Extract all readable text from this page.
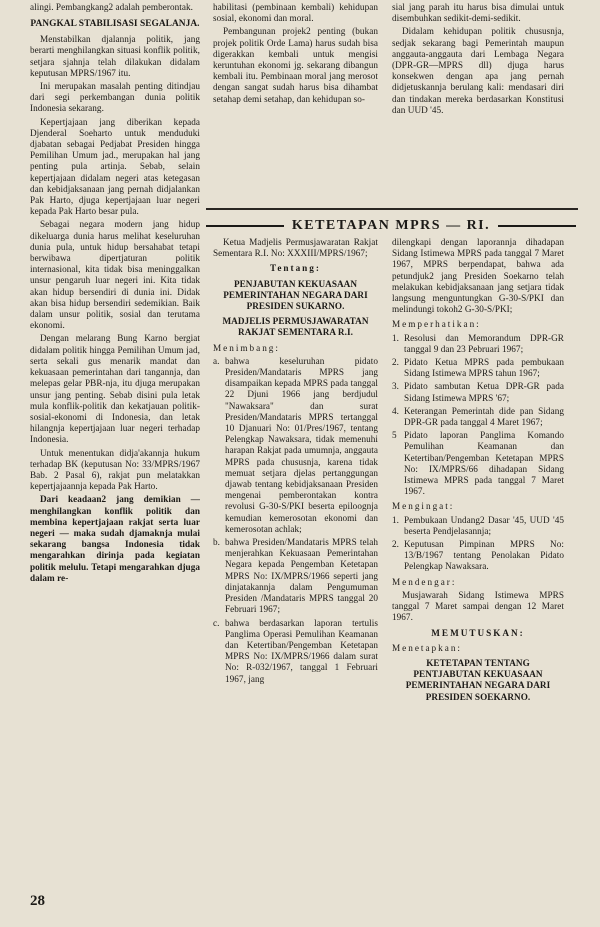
alingi. Pembangkang2 adalah pemberontak.

PANGKAL STABILISASI SEGALANJA.

Menstabilkan djalannja politik, jang berarti menghilangkan situasi konflik politik, setjara sjahnja telah dilakukan didalam keputusan MPRS/1967 itu.

Ini merupakan masalah penting ditindjau dari segi perkembangan dunia politik Indonesia sekarang.

Kepertjajaan jang diberikan kepada Djenderal Soeharto untuk menduduki djabatan sebagai Pedjabat Presiden hingga Pemilihan Umum jad., merupakan hal jang penting pula artinja. Sebab, selain kepertjajaan didalam negeri atas ketegasan dan kebidjaksanaan jang pernah didjalankan Pak Harto, djuga kepertjajaan luar negeri kepada Pak Harto besar pula.

Sebagai negara modern jang hidup dikeluarga dunia harus melihat keseluruhan dunia pula, untuk hidup bersahabat tetapi berwibawa dipertjaturan politik internasional, kita tidak bisa meninggalkan unsur pengaruh luar negeri ini. Kita tidak akan hidup bersendiri di dunia ini. Didak akan bisa hidup bersendiri sedemikian. Baik dalam unsur politik, sosial dan terutama ekonomi.

Dengan melarang Bung Karno bergiat didalam politik hingga Pemilihan Umum jad, serta sekali gus menarik mandat dan kekuasaan pemerintahan dari tangannja, dan melepas gelar PBR-nja, itu djuga merupakan unsur jang penting. Sebab disini pula letak mula konflik-politik dan kekatjauan politik-sosial-ekonomi di Indonesia, dan letak hilangnja kepertjajaan luar negeri terhadap Indonesia.

Untuk menentukan didja'akannja hukum terhadap BK (keputusan No: 33/MPRS/1967 Bab. 2 Pasal 6), rakjat pun melatakkan kepertjajaannja kepada Pak Harto.

Dari keadaan2 jang demikian — menghilangkan konflik politik dan membina kepertjajaan rakjat serta luar negeri — maka sudah djamaknja mulai sekarang bangsa Indonesia tidak mengarahkan dirinja pada kegiatan politik melulu. Tetapi mengarahkan djuga dalam re-

habilitasi (pembinaan kembali) kehidupan sosial, ekonomi dan moral.

Pembangunan projek2 penting (bukan projek politik Orde Lama) harus sudah bisa digerakkan kembali untuk mengisi keruntuhan ekonomi jg. sekarang dibangun kembali itu. Pembinaan moral jang merosot dengan sangat sudah harus bisa dihambat setahap demi setahap, dan kehidupan so-

sial jang parah itu harus bisa dimulai untuk disembuhkan sedikit-demi-sedikit.

Didalam kehidupan politik chususnja, sedjak sekarang bagi Pemerintah maupun anggauta-anggauta dari Lembaga Negara (DPR-GR—MPRS dll) djuga harus konsekwen dengan apa jang pernah didjetuskannja berulang kali: mendasari diri dan tindakan mereka berdasarkan Konstitusi dan UUD '45.

KETETAPAN MPRS — RI.

Ketua Madjelis Permusjawaratan Rakjat Sementara R.I. No: XXXIII/MPRS/1967;

Tentang:
PENJABUTAN KEKUASAAN PEMERINTAHAN NEGARA DARI PRESIDEN SUKARNO.
MADJELIS PERMUSJAWARATAN RAKJAT SEMENTARA R.I.
Menimbang:
a. bahwa keseluruhan pidato Presiden/Mandataris MPRS jang disampaikan kepada MPRS pada tanggal 22 Djuni 1966 jang berdjudul "Nawaksara" dan surat Presiden/Mandataris MPRS tertanggal 10 Djanuari No: 01/Pres/1967, tentang Pelengkap Nawaksara, tidak memenuhi harapan Rakjat pada umumnja, anggauta MPRS pada chususnja, karena tidak memuat setjara djelas pertanggungan djawab tentang kebidjaksanaan Presiden mengenai pemberontakan kontra revolusi G-30-S/PKI beserta epiloognja kemudian kemerosotan ekonomi dan kemerosotan achlak;
b. bahwa Presiden/Mandataris MPRS telah menjerahkan Kekuasaan Pemerintahan Negara kepada Pengemban Ketetapan MPRS No: IX/MPRS/1966 seperti jang dinjatakannja dalam Pengumuman Presiden /Mandataris MPRS tanggal 20 Februari 1967;
c. bahwa berdasarkan laporan tertulis Panglima Operasi Pemulihan Keamanan dan Ketertiban/Pengemban Ketetapan MPRS No: IX/MPRS/1966 dalam surat No: R-032/1967, tanggal 1 Februari 1967, jang

dilengkapi dengan laporannja dihadapan Sidang Istimewa MPRS pada tanggal 7 Maret 1967, MPRS berpendapat, bahwa ada petundjuk2 jang Presiden Soekarno telah melakukan kebidjaksanaan jang setjara tidak langsung menguntungkan G-30-S/PKI dan melindungi tokoh2 G-30-S/PKI;

Memperhatikan:
1. Resolusi dan Memorandum DPR-GR tanggal 9 dan 23 Pebruari 1967;
2. Pidato Ketua MPRS pada pembukaan Sidang Istimewa MPRS tahun 1967;
3. Pidato sambutan Ketua DPR-GR pada Sidang Istimewa MPRS '67;
4. Keterangan Pemerintah dide pan Sidang DPR-GR pada tanggal 4 Maret 1967;
5 Pidato laporan Panglima Komando Pemulihan Keamanan dan Ketertiban/Pengemban Ketetapan MPRS No: IX/MPRS/66 dihadapan Sidang Istimewa MPRS pada tanggal 7 Maret 1967.
Mengingat:
1. Pembukaan Undang2 Dasar '45, UUD '45 beserta Pendjelasannja;
2. Keputusan Pimpinan MPRS No: 13/B/1967 tentang Penolakan Pidato Pelengkap Nawaksara.
Mendengar:

Musjawarah Sidang Istimewa MPRS tanggal 7 Maret sampai dengan 12 Maret 1967.

MEMUTUSKAN:
Menetapkan:
KETETAPAN TENTANG PENTJABUTAN KEKUASAAN PEMERINTAHAN NEGARA DARI PRESIDEN SOEKARNO.
28
